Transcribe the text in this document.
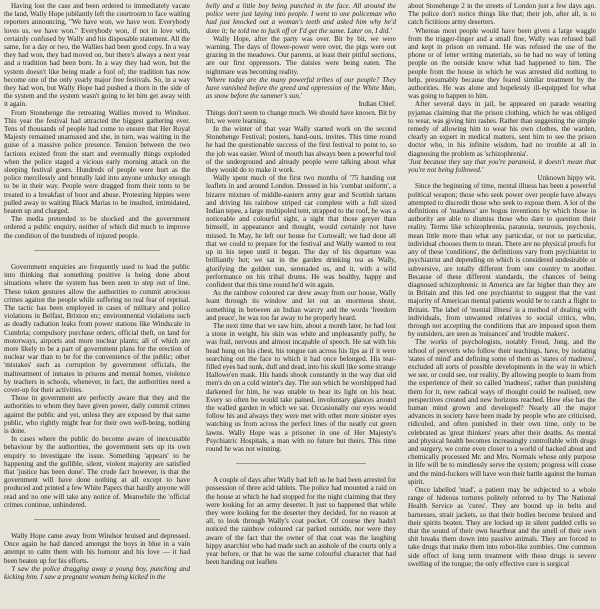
Having lost the case and been ordered to immediately vacate the land, Wally Hope jubilantly left the courtroom to face waiting reporters announcing, "We have won, we have won. Everybody loves us, we have won." Everybody won, if not in love with, certainly confused by Wally and his disposable statement. All the same, for a day or two, the Wallies had been good copy. In a way they had won, they had moved on, but there's always a next year and a tradition had been born. In a way they had won, but the system doesn't like being made a fool of; the tradition has now become one of the only yearly major free festivals. So, in a way they had won, but Wally Hope had pushed a thorn in the side of the system and the system wasn't going to let him get away with it again.

From Stonehenge the retreating Wallies moved to Windsor. This year the festival had attracted the biggest gathering ever. Tens of thousands of people had come to ensure that Her Royal Majesty remained unamused and she, in turn, was waiting in the guise of a massive police presence. Tension between the two factions existed from the start and eventually things exploded when the police staged a vicious early morning attack on the sleeping festival goers. Hundreds of people were hurt as the police mercilessly and brutally laid into anyone unlucky enough to be in their way. People were dragged from their tents to be treated to a breakfast of boot and abuse. Protesting hippies were pulled away to waiting Black Marias to be insulted, intimidated, beaten up and charged.

The media pretended to be shocked and the government ordered a public enquiry, neither of which did much to improve the condition of the hundreds of injured people.

Government enquiries are frequently used to lead the public into thinking that something positive is being done about situations where the system has been seen to step out of line. These token gestures allow the authorities to commit atrocious crimes against the people while suffering no real fear of reprisal. The tactic has been employed in cases of military and police violations in Belfast, Brixton etc; environmental violations such as deadly radiation leaks from power stations like Windscale in Cumbria; compulsory purchase orders, official theft, on land for motorways, airports and more nuclear plants; all of which are more likely to be a part of government plans for the erection of nuclear war than to be for the convenience of the public; other 'mistakes' such as corruption by government officials, the maltreatment of inmates in prisons and mental homes, violence by teachers in schools, whenever, in fact, the authorities need a cover-up for their activities.

Those in government are perfectly aware that they and the authorities to whom they have given power, daily commit crimes against the public and yet, unless they are exposed by that same public, who rightly might fear for their own well-being, nothing is done.

In cases where the public do become aware of inexcusable behaviour by the authorities, the government sets up its own enquiry to investigate the issue. Something 'appears' to be happening and the gullible, silent, violent majority are satisfied that 'justice has been done'. The crude fact however, is that the government will have done nothing at all except to have produced and printed a few White Papers that hardly anyone will read and no one will take any notice of. Meanwhile the 'official crimes continue, unhindered.

Wally Hope came away from Windsor bruised and depressed. Once again he had danced amongst the boys in blue in a vain attempt to calm them with his humour and his love — it had been beaten up for his efforts.

'I saw the police dragging away a young boy, punching and kicking him. I saw a pregnant woman being kicked in the

belly and a little boy being punched in the face. All around the police were just laying into people. I went to one policeman who had just knocked out a woman's teeth and asked him why he'd done it; he told me to fuck off or I'd get the same. Later on, I did.'

Wally Hope, after the party was over. Bit by bit, we were warning. The days of flower-power were over, the pigs were out grazing in the meadows. Our parents, at least their pitiful sections, are our first oppressors. The daisies were being eaten. The nightmare was becoming reality.

'Where today are the many powerful tribes of our people? They have vanished before the greed and oppression of the White Man, as snow before the summer's sun.'

Indian Chief.

Things don't seem to change much. We should have known. Bit by bit, we were learning.

In the winter of that year Wally started work on the second Stonehenge Festival; posters, hand-outs, invites. This time round he had the questionable success of the first festival to point to, so the job was easier. Word of mouth has always been a powerful tool of the underground and already people were talking about what they would do to make it work.

Wally spent much of the first two months of '75 handing out leaflets in and around London. Dressed in his 'combat uniform', a bizarre mixture of middle-eastern army gear and Scottish tartans and driving his rainbow striped car complete with a full sized Indian tepee, a large multipoled tent, strapped to the roof, he was a noticeable and colourful sight, a sight that those greyer than himself, in appearance and thought, would certainly not have missed. In May, he left our house for Cornwall; we had done all that we could to prepare for the festival and Wally wanted to rest up in his tepee until it began. The day of his departure was brilliantly hot; we sat in the garden drinking tea as Wally, glorifying the golden sun, serenaded us, and it, with a wild performance on his tribal drums. He was healthy, happy and confident that this time round he'd win again.

As the rainbow coloured car drew away from our house, Wally leant through its window and let out an enormous shout, something in between an Indian warcry and the words 'freedom and peace', he was too far away to be properly heard.

The next time that we saw him, about a month later, he had lost a stone in weight, his skin was white and unpleasantly puffy, he was frail, nervous and almost incapable of speech. He sat with his head hung on his chest, his tongue ran across his lips as if it were searching out the face to which it had once belonged. His tear-filled eyes had sunk, dull and dead, into his skull like some strange Hallowe'en mask. His hands shook constantly in the way that old men's do on a cold winter's day. The sun which he worshipped had darkened for him, he was unable to bear its light on his beat. Every so often he would take pained, involuntary glances around the walled garden in which we sat. Occasionally our eyes would follow his and always they were met with other more sinister eyes watching us from across the perfect lines of the neatly cut green lawns. Wally Hope was a prisoner in one of Her Majesty's Psychiatric Hospitals, a man with no future but theirs. This time round he was not winning.

A couple of days after Wally had left us he had been arrested for possession of three acid tablets. The police had mounted a raid on the house at which he had stopped for the night claiming that they were looking for an army deserter. It just so happened that while they were looking for the deserter they decided, for no reason at all, to look through Wally's coat pocket. Of course they hadn't noticed the rainbow coloured car parked outside, nor were they aware of the fact that the owner of that coat was the laughing hippy anarchist who had made such an asshole of the courts only a year before, or that he was the same colourful character that had been handing out leaflets

about Stonehenge 2 in the streets of London just a few days ago. The police don't notice things like that; their job, after all, is to catch fictitious army deserters.

Whereas most people would have been given a large waggle from the trigger-finger and a small fine, Wally was refused bail and kept in prison on remand. He was refused the use of the phone or of letter writing materials, so he had no way of letting people on the outside know what had happened to him. The people from the house in which he was arrested did nothing to help, presumably because they feared similar treatment by the authorities. He was alone and hopelessly ill-equipped for what was going to happen to him.

After several days in jail, he appeared on parade wearing pyjamas claiming that the prison clothing, which he was obliged to wear, was giving him rashes. Rather than suggesting the simple remedy of allowing him to wear his own clothes, the warden, clearly an expert in medical matters, sent him to see the prison doctor who, in his infinite wisdom, had no trouble at all in diagnosing the problem as 'schizophrenia'.

'Just because they say that you're paranoid, it doesn't mean that you're not being followed.'

Unknown hippy wit.

Since the beginning of time, mental illness has been a powerful political weapon; those who seek power over people have always attempted to discredit those who seek to expose them. A lot of the definitions of 'madness' are bogus inventions by which those in authority are able to dismiss those who dare to question their reality. Terms like schizophrenia, paranoia, neurosis, psychosis, mean little more than what any particular, or not so particular, individual chooses them to mean. There are no physical proofs for any of these 'conditions', the definitions vary from psychiatrist to psychiatrist and depending on which is considered undesirable or subversive, are totally different from one country to another. Because of these different standards, the chances of being diagnosed schizophrenic in America are far higher than they are in Britain and this led one psychiatrist to suggest that the vast majority of American mental patients would be to catch a flight to Britain. The label of 'mental illness' is a method of dealing with individuals, from unwanted relatives to social critics, who, through not accepting the conditions that are imposed upon them by outsiders, are seen as 'nuisances' and 'trouble makers'.

The works of psychologists, notably Freud, Jung, and the school of perverts who follow their teachings, have, by isolating 'states of mind' and defining some of them as 'states of madness', excluded all sorts of possible developments in the way in which we see, or could see, our reality. By allowing people to learn from the experience of their so called 'madness', rather than punishing them for it, new radical ways of thought could be realised, new perspectives created and new horizons reached. How else has the human mind grown and developed? Nearly all the major advances in society have been made by people who are criticised, ridiculed, and often punished in their own time, only to be celebrated as 'great thinkers' years after their deaths. As mental and physical health becomes increasingly controllable with drugs and surgery, we come even closer to a world of hacked about and chemically processed Mr. and Mrs. Normals whose only purpose in life will be to mindlessly serve the system; progress will cease and the mind-fuckers will have won their battle against the human spirit.

Once labelled 'mad', a patient may be subjected to a whole range of hideous tortures politely referred to by The National Health Service as 'cures'. They are bound up in belts and harnesses, strait jackets, so that their bodies become bruised and their spirits beaten. They are locked up in silent padded cells so that the sound of their own heartbeat and the smell of their own shit breaks them down into passive animals. They are forced to take drugs that make them into robot-like zombies. One common side effect of long term treatment with these drugs is severe swelling of the tongue; the only effective cure is surgical
